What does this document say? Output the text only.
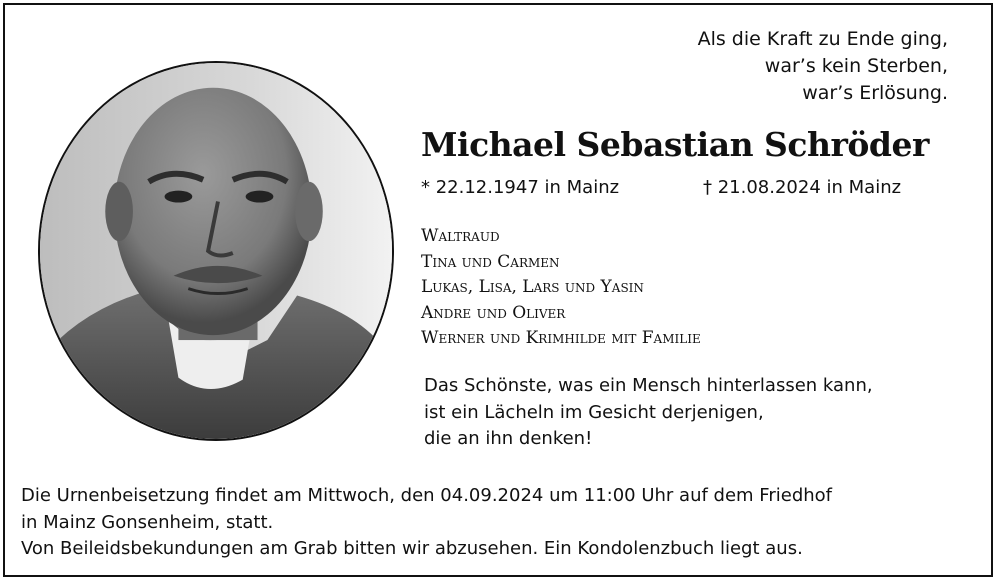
Als die Kraft zu Ende ging,
war’s kein Sterben,
war’s Erlösung.
Michael Sebastian Schröder
* 22.12.1947 in Mainz	† 21.08.2024 in Mainz
Waltraud
Tina und Carmen
Lukas, Lisa, Lars und Yasin
Andre und Oliver
Werner und Krimhilde mit Familie
Das Schönste, was ein Mensch hinterlassen kann,
ist ein Lächeln im Gesicht derjenigen,
die an ihn denken!
Die Urnenbeisetzung findet am Mittwoch, den 04.09.2024 um 11:00 Uhr auf dem Friedhof
in Mainz Gonsenheim, statt.
Von Beileidsbekundungen am Grab bitten wir abzusehen. Ein Kondolenzbuch liegt aus.
